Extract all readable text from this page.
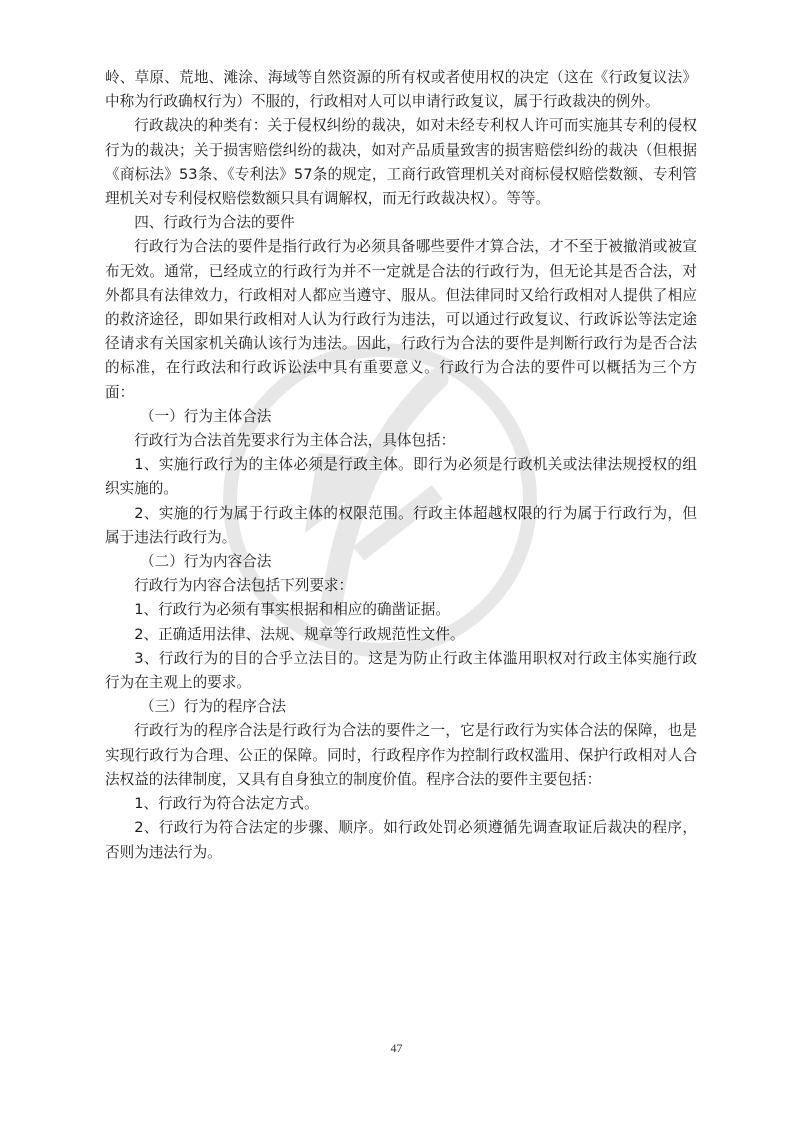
岭、草原、荒地、滩涂、海域等自然资源的所有权或者使用权的决定（这在《行政复议法》中称为行政确权行为）不服的，行政相对人可以申请行政复议，属于行政裁决的例外。

行政裁决的种类有：关于侵权纠纷的裁决，如对未经专利权人许可而实施其专利的侵权行为的裁决；关于损害赔偿纠纷的裁决，如对产品质量致害的损害赔偿纠纷的裁决（但根据《商标法》53条、《专利法》57条的规定，工商行政管理机关对商标侵权赔偿数额、专利管理机关对专利侵权赔偿数额只具有调解权，而无行政裁决权）。等等。

四、行政行为合法的要件

行政行为合法的要件是指行政行为必须具备哪些要件才算合法，才不至于被撤消或被宣布无效。通常，已经成立的行政行为并不一定就是合法的行政行为，但无论其是否合法，对外都具有法律效力，行政相对人都应当遵守、服从。但法律同时又给行政相对人提供了相应的救济途径，即如果行政相对人认为行政行为违法，可以通过行政复议、行政诉讼等法定途径请求有关国家机关确认该行为违法。因此，行政行为合法的要件是判断行政行为是否合法的标准，在行政法和行政诉讼法中具有重要意义。行政行为合法的要件可以概括为三个方面：

（一）行为主体合法

行政行为合法首先要求行为主体合法，具体包括：

1、实施行政行为的主体必须是行政主体。即行为必须是行政机关或法律法规授权的组织实施的。

2、实施的行为属于行政主体的权限范围。行政主体超越权限的行为属于行政行为，但属于违法行政行为。

（二）行为内容合法

行政行为内容合法包括下列要求：

1、行政行为必须有事实根据和相应的确凿证据。

2、正确适用法律、法规、规章等行政规范性文件。

3、行政行为的目的合乎立法目的。这是为防止行政主体滥用职权对行政主体实施行政行为在主观上的要求。

（三）行为的程序合法

行政行为的程序合法是行政行为合法的要件之一，它是行政行为实体合法的保障，也是实现行政行为合理、公正的保障。同时，行政程序作为控制行政权滥用、保护行政相对人合法权益的法律制度，又具有自身独立的制度价值。程序合法的要件主要包括：

1、行政行为符合法定方式。

2、行政行为符合法定的步骤、顺序。如行政处罚必须遵循先调查取证后裁决的程序，否则为违法行为。

47
